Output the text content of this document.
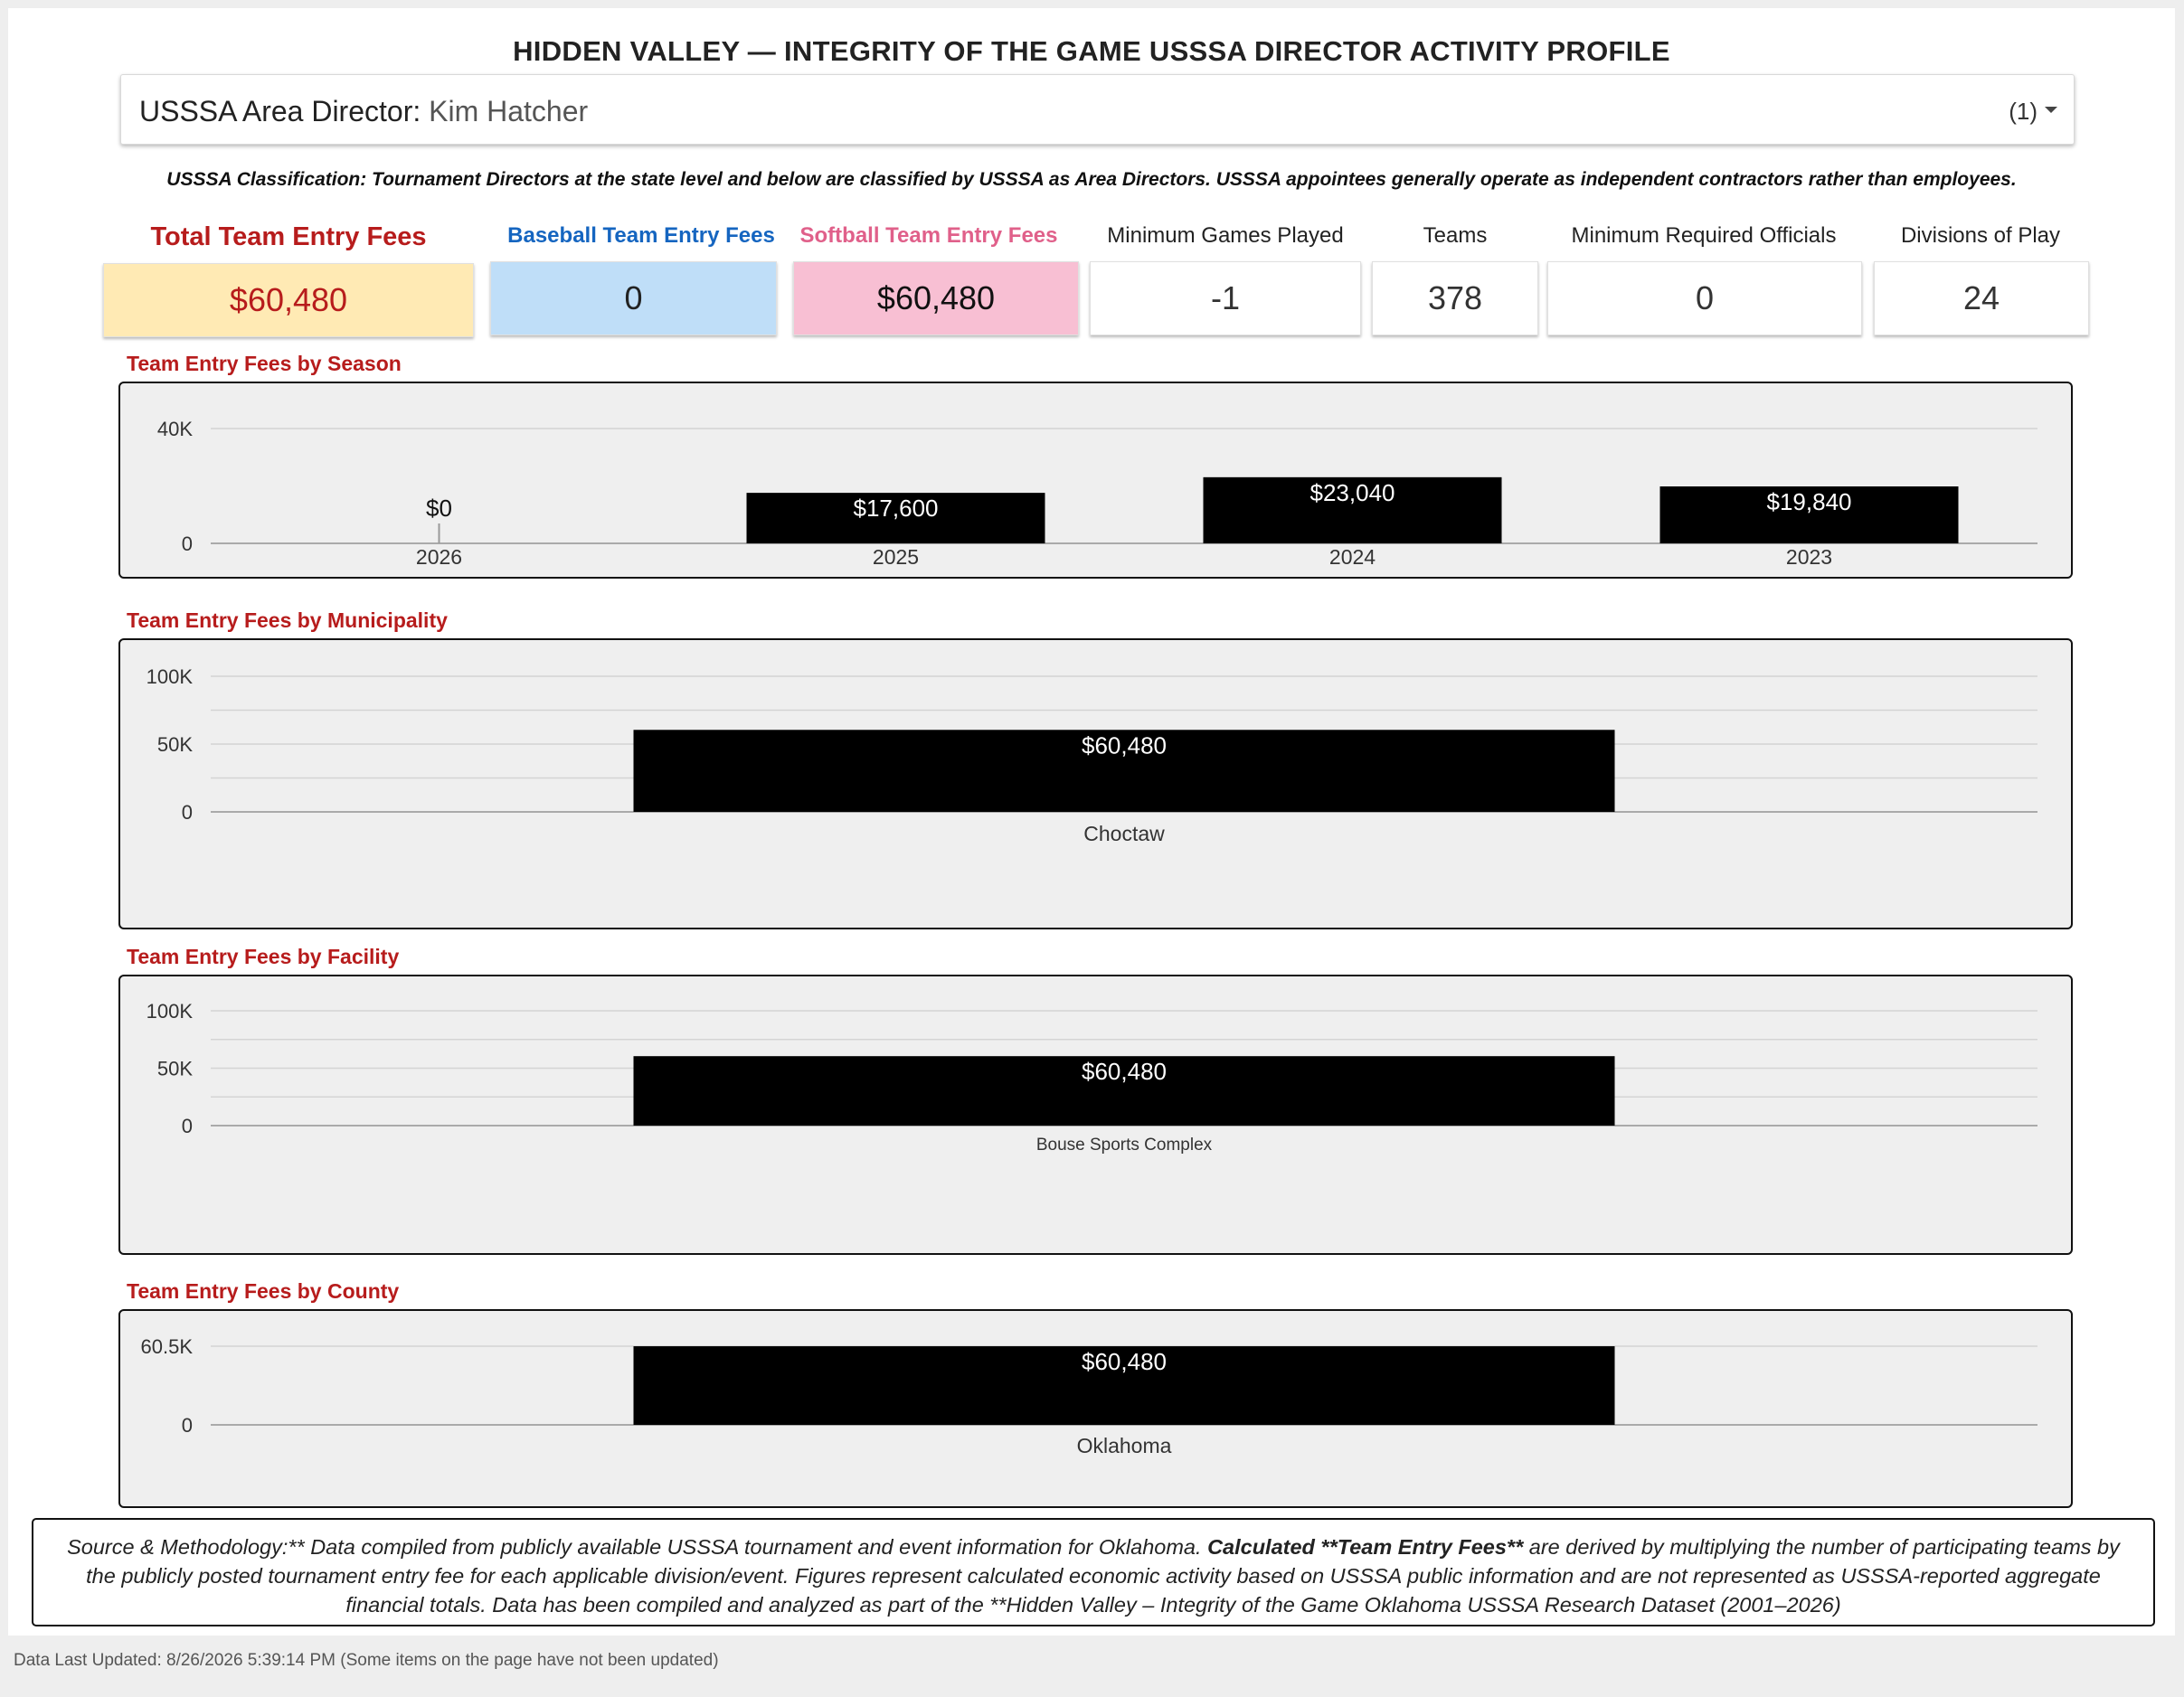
HIDDEN VALLEY — INTEGRITY OF THE GAME USSSA DIRECTOR ACTIVITY PROFILE
USSSA Area Director: Kim Hatcher	(1)
USSSA Classification: Tournament Directors at the state level and below are classified by USSSA as Area Directors. USSSA appointees generally operate as independent contractors rather than employees.
Total Team Entry Fees
$60,480
Baseball Team Entry Fees
0
Softball Team Entry Fees
$60,480
Minimum Games Played
-1
Teams
378
Minimum Required Officials
0
Divisions of Play
24
Team Entry Fees by Season
0
40K
$0
2026
$17,600
2025
$23,040
2024
$19,840
2023
Team Entry Fees by Municipality
0
50K
100K
$60,480
Choctaw
Team Entry Fees by Facility
0
50K
100K
$60,480
Bouse Sports Complex
Team Entry Fees by County
0
60.5K
$60,480
Oklahoma
Source & Methodology:** Data compiled from publicly available USSSA tournament and event information for Oklahoma. Calculated **Team Entry Fees** are derived by multiplying the number of participating teams by the publicly posted tournament entry fee for each applicable division/event. Figures represent calculated economic activity based on USSSA public information and are not represented as USSSA-reported aggregate financial totals. Data has been compiled and analyzed as part of the **Hidden Valley – Integrity of the Game Oklahoma USSSA Research Dataset (2001–2026)
Data Last Updated: 8/26/2026 5:39:14 PM (Some items on the page have not been updated)
